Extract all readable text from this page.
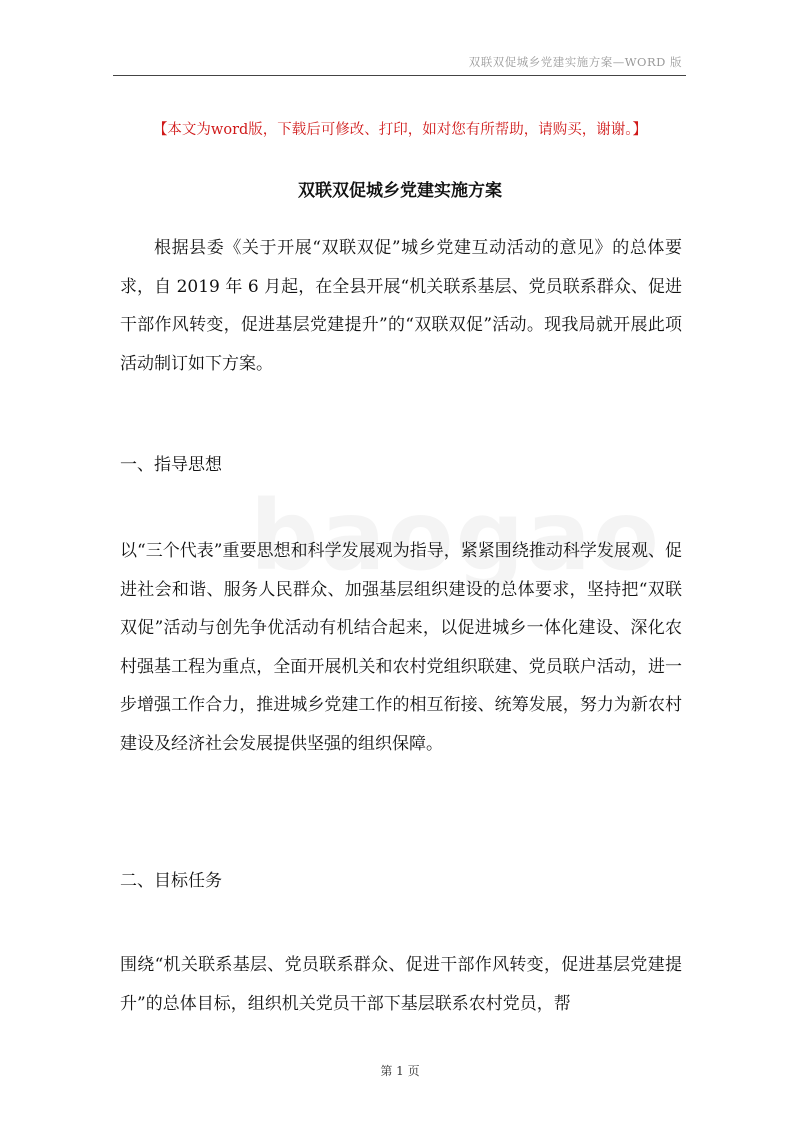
双联双促城乡党建实施方案—WORD 版
【本文为word版，下载后可修改、打印，如对您有所帮助，请购买，谢谢。】
双联双促城乡党建实施方案

根据县委《关于开展“双联双促”城乡党建互动活动的意见》的总体要求，自 2019 年 6 月起，在全县开展“机关联系基层、党员联系群众、促进干部作风转变，促进基层党建提升”的“双联双促”活动。现我局就开展此项活动制订如下方案。

一、指导思想

以“三个代表”重要思想和科学发展观为指导，紧紧围绕推动科学发展观、促进社会和谐、服务人民群众、加强基层组织建设的总体要求，坚持把“双联双促”活动与创先争优活动有机结合起来，以促进城乡一体化建设、深化农村强基工程为重点，全面开展机关和农村党组织联建、党员联户活动，进一步增强工作合力，推进城乡党建工作的相互衔接、统筹发展，努力为新农村建设及经济社会发展提供坚强的组织保障。

二、目标任务

围绕“机关联系基层、党员联系群众、促进干部作风转变，促进基层党建提升”的总体目标，组织机关党员干部下基层联系农村党员，帮

第 1 页
